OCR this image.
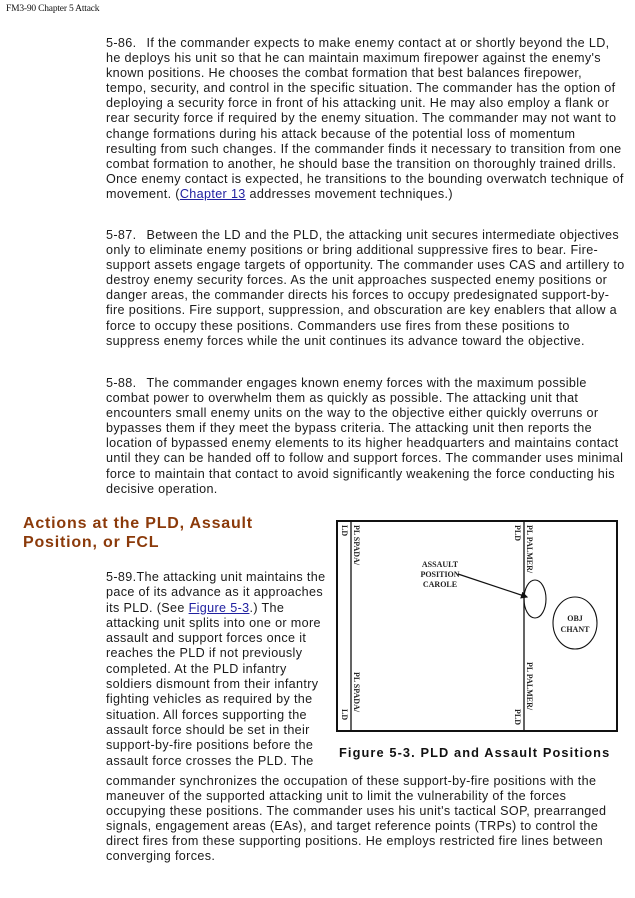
FM3-90 Chapter 5 Attack

5-86. If the commander expects to make enemy contact at or shortly beyond the LD, he deploys his unit so that he can maintain maximum firepower against the enemy's known positions. He chooses the combat formation that best balances firepower, tempo, security, and control in the specific situation. The commander has the option of deploying a security force in front of his attacking unit. He may also employ a flank or rear security force if required by the enemy situation. The commander may not want to change formations during his attack because of the potential loss of momentum resulting from such changes. If the commander finds it necessary to transition from one combat formation to another, he should base the transition on thoroughly trained drills. Once enemy contact is expected, he transitions to the bounding overwatch technique of movement. (Chapter 13 addresses movement techniques.)

5-87. Between the LD and the PLD, the attacking unit secures intermediate objectives only to eliminate enemy positions or bring additional suppressive fires to bear. Fire-support assets engage targets of opportunity. The commander uses CAS and artillery to destroy enemy security forces. As the unit approaches suspected enemy positions or danger areas, the commander directs his forces to occupy predesignated support-by-fire positions. Fire support, suppression, and obscuration are key enablers that allow a force to occupy these positions. Commanders use fires from these positions to suppress enemy forces while the unit continues its advance toward the objective.

5-88. The commander engages known enemy forces with the maximum possible combat power to overwhelm them as quickly as possible. The attacking unit that encounters small enemy units on the way to the objective either quickly overruns or bypasses them if they meet the bypass criteria. The attacking unit then reports the location of bypassed enemy elements to its higher headquarters and maintains contact until they can be handed off to follow and support forces. The commander uses minimal force to maintain that contact to avoid significantly weakening the force conducting his decisive operation.

Actions at the PLD, Assault Position, or FCL

5-89.The attacking unit maintains the pace of its advance as it approaches its PLD. (See Figure 5-3.) The attacking unit splits into one or more assault and support forces once it reaches the PLD if not previously completed. At the PLD infantry soldiers dismount from their infantry fighting vehicles as required by the situation. All forces supporting the assault force should be set in their support-by-fire positions before the assault force crosses the PLD. The

commander synchronizes the occupation of these support-by-fire positions with the maneuver of the supported attacking unit to limit the vulnerability of the forces occupying these positions. The commander uses his unit's tactical SOP, prearranged signals, engagement areas (EAs), and target reference points (TRPs) to control the direct fires from these supporting positions. He employs restricted fire lines between converging forces.

LD PL SPADA/	PLD PL PALMER/
LD
PL SPADA/
PLD
PL PALMER/
ASSAULT
POSITION
CAROLE
OBJ
CHANT

Figure 5-3. PLD and Assault Positions
